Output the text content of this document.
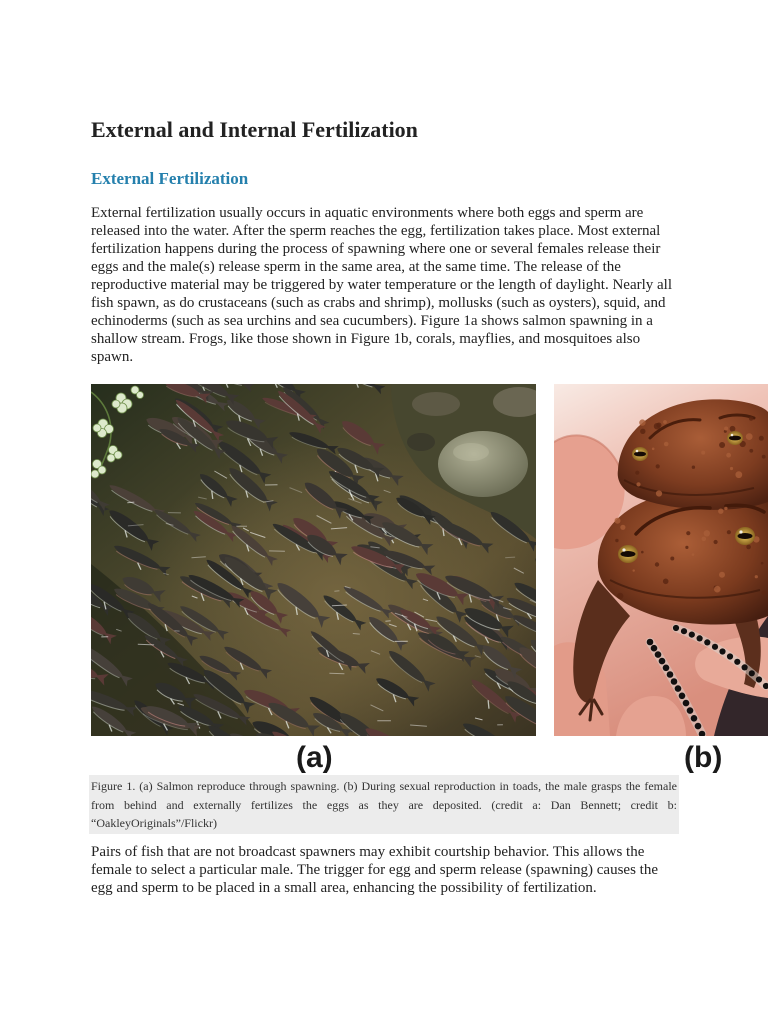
External and Internal Fertilization
External Fertilization

External fertilization usually occurs in aquatic environments where both eggs and sperm are released into the water. After the sperm reaches the egg, fertilization takes place. Most external fertilization happens during the process of spawning where one or several females release their eggs and the male(s) release sperm in the same area, at the same time. The release of the reproductive material may be triggered by water temperature or the length of daylight. Nearly all fish spawn, as do crustaceans (such as crabs and shrimp), mollusks (such as oysters), squid, and echinoderms (such as sea urchins and sea cucumbers). Figure 1a shows salmon spawning in a shallow stream. Frogs, like those shown in Figure 1b, corals, mayflies, and mosquitoes also spawn.

(a)	(b)
Figure 1. (a) Salmon reproduce through spawning. (b) During sexual reproduction in toads, the male grasps the female from behind and externally fertilizes the eggs as they are deposited. (credit a: Dan Bennett; credit b: “OakleyOriginals”/Flickr)

Pairs of fish that are not broadcast spawners may exhibit courtship behavior. This allows the female to select a particular male. The trigger for egg and sperm release (spawning) causes the egg and sperm to be placed in a small area, enhancing the possibility of fertilization.
